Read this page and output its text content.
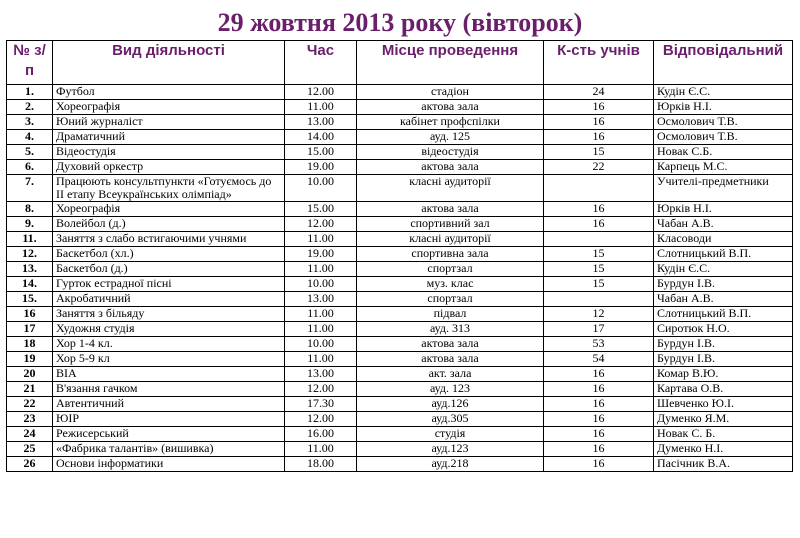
29 жовтня 2013 року (вівторок)
№ з/п	Вид діяльності	Час	Місце проведення	К-сть учнів	Відповідальний
1.	Футбол	12.00	стадіон	24	Кудін Є.С.
2.	Хореографія	11.00	актова зала	16	Юрків Н.І.
3.	Юний журналіст	13.00	кабінет профспілки	16	Осмолович Т.В.
4.	Драматичний	14.00	ауд. 125	16	Осмолович Т.В.
5.	Відеостудія	15.00	відеостудія	15	Новак С.Б.
6.	Духовий оркестр	19.00	актова зала	22	Карпець М.С.
7.	Працюють консультпункти «Готуємось до ІІ етапу Всеукраїнських олімпіад»	10.00	класні аудиторії		Учителі-предметники
8.	Хореографія	15.00	актова зала	16	Юрків Н.І.
9.	Волейбол (д.)	12.00	спортивний зал	16	Чабан А.В.
11.	Заняття з слабо встигаючими учнями	11.00	класні аудиторії		Класоводи
12.	Баскетбол (хл.)	19.00	спортивна зала	15	Слотницький В.П.
13.	Баскетбол (д.)	11.00	спортзал	15	Кудін Є.С.
14.	Гурток естрадної пісні	10.00	муз. клас	15	Бурдун І.В.
15.	Акробатичний	13.00	спортзал		Чабан А.В.
16	Заняття з більяду	11.00	підвал	12	Слотницький В.П.
17	Художня студія	11.00	ауд. 313	17	Сиротюк Н.О.
18	Хор 1-4 кл.	10.00	актова зала	53	Бурдун І.В.
19	Хор 5-9 кл	11.00	актова зала	54	Бурдун І.В.
20	ВІА	13.00	акт. зала	16	Комар В.Ю.
21	В'язання гачком	12.00	ауд. 123	16	Картава О.В.
22	Автентичний	17.30	ауд.126	16	Шевченко Ю.І.
23	ЮІР	12.00	ауд.305	16	Думенко Я.М.
24	Режисерський	16.00	студія	16	Новак С. Б.
25	«Фабрика талантів» (вишивка)	11.00	ауд.123	16	Думенко Н.І.
26	Основи інформатики	18.00	ауд.218	16	Пасічник В.А.
